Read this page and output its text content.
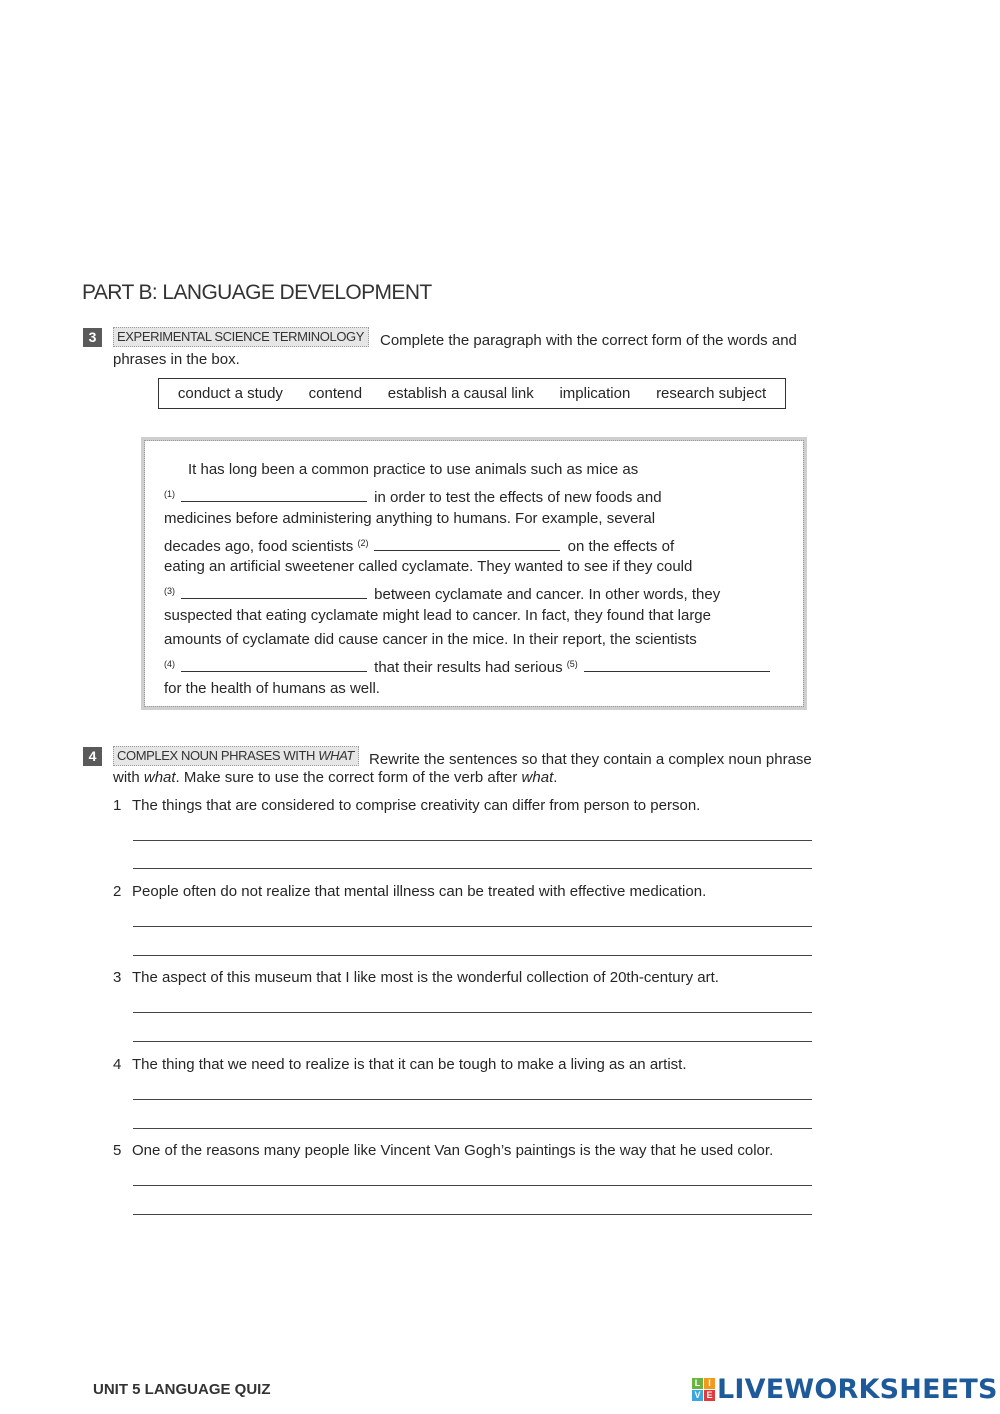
PART B: LANGUAGE DEVELOPMENT
3	EXPERIMENTAL SCIENCE TERMINOLOGY	Complete the paragraph with the correct form of the words and
phrases in the box.
conduct a study contend establish a causal link implication research subject
It has long been a common practice to use animals such as mice as
$^{(1)}$	in order to test the effects of new foods and
medicines before administering anything to humans. For example, several
decades ago, food scientists $^{(2)}$	on the effects of
eating an artificial sweetener called cyclamate. They wanted to see if they could
$^{(3)}$	between cyclamate and cancer. In other words, they
suspected that eating cyclamate might lead to cancer. In fact, they found that large
amounts of cyclamate did cause cancer in the mice. In their report, the scientists
$^{(4)}$	that their results had serious $^{(5)}$
for the health of humans as well.
4	COMPLEX NOUN PHRASES WITH WHAT	Rewrite the sentences so that they contain a complex noun phrase
with what. Make sure to use the correct form of the verb after what.
1 The things that are considered to comprise creativity can differ from person to person.
2 People often do not realize that mental illness can be treated with effective medication.
3 The aspect of this museum that I like most is the wonderful collection of 20th-century art.
4 The thing that we need to realize is that it can be tough to make a living as an artist.
5 One of the reasons many people like Vincent Van Gogh’s paintings is the way that he used color.
UNIT 5 LANGUAGE QUIZ	L I
V E LIVEWORKSHEETS
